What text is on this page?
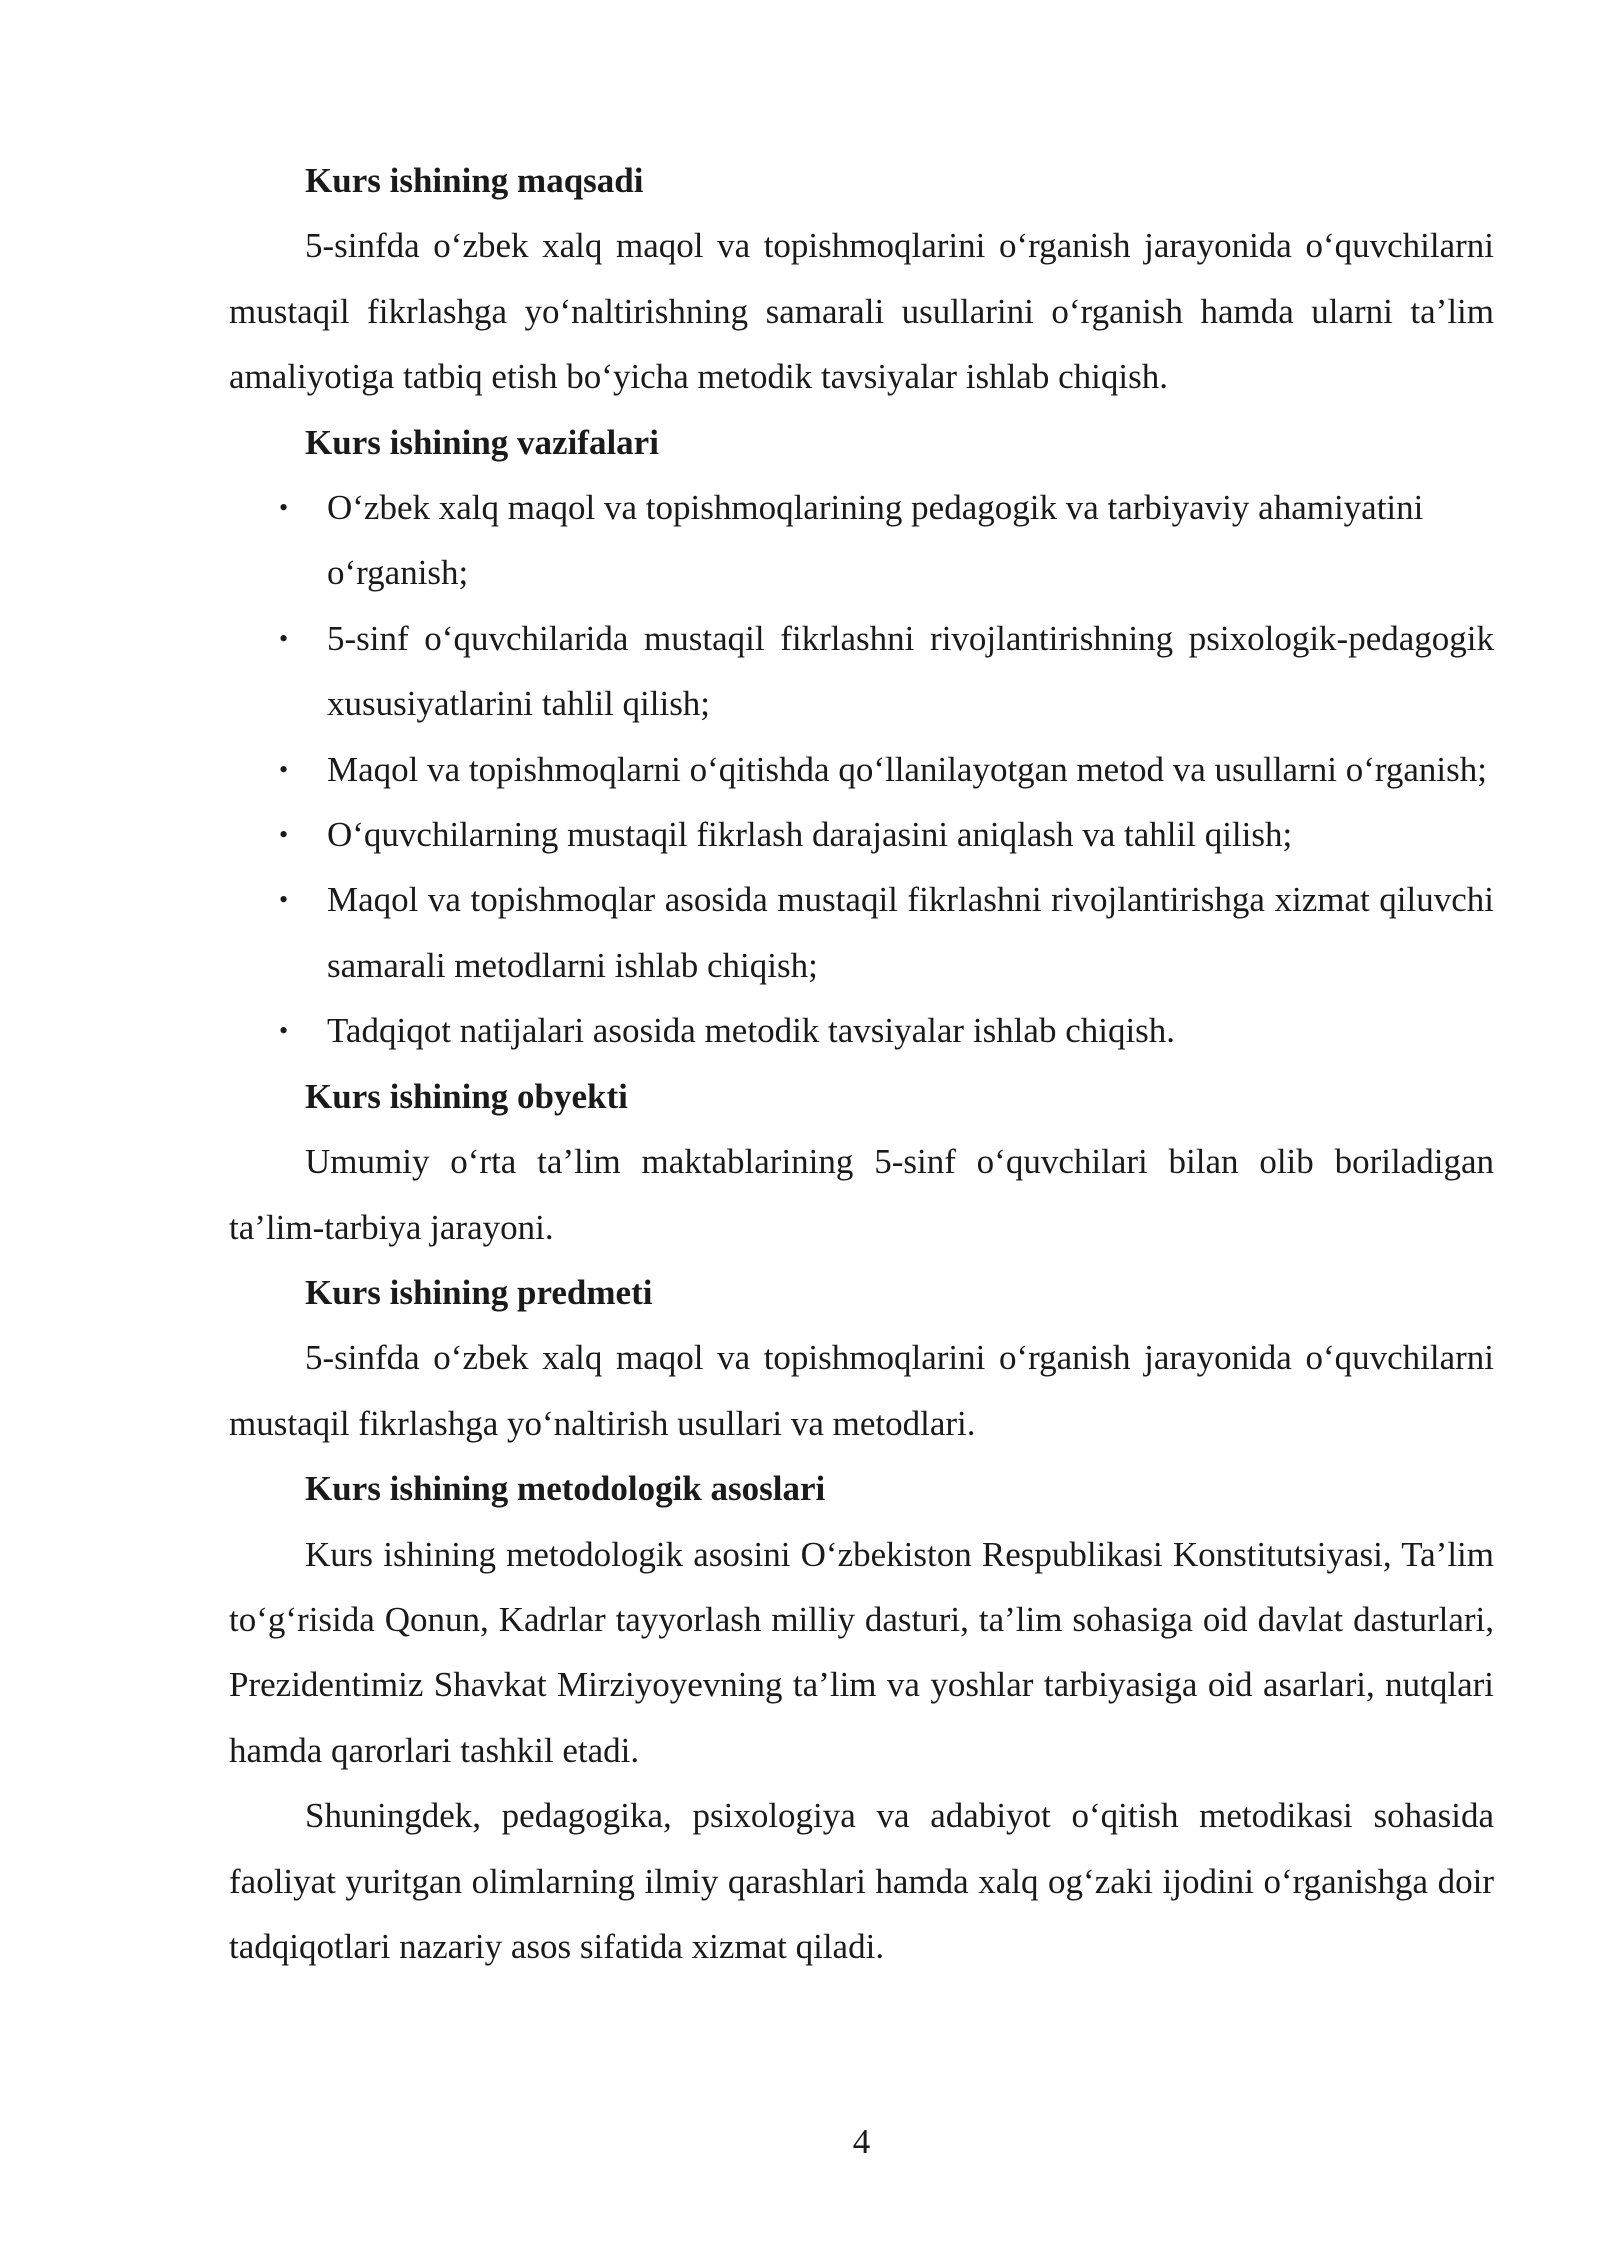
Kurs ishining maqsadi

5-sinfda o‘zbek xalq maqol va topishmoqlarini o‘rganish jarayonida o‘quvchilarni mustaqil fikrlashga yo‘naltirishning samarali usullarini o‘rganish hamda ularni ta’lim amaliyotiga tatbiq etish bo‘yicha metodik tavsiyalar ishlab chiqish.

Kurs ishining vazifalari

• O‘zbek xalq maqol va topishmoqlarining pedagogik va tarbiyaviy ahamiyatini o‘rganish;
• 5-sinf o‘quvchilarida mustaqil fikrlashni rivojlantirishning psixologik-pedagogik xususiyatlarini tahlil qilish;
• Maqol va topishmoqlarni o‘qitishda qo‘llanilayotgan metod va usullarni o‘rganish;
• O‘quvchilarning mustaqil fikrlash darajasini aniqlash va tahlil qilish;
• Maqol va topishmoqlar asosida mustaqil fikrlashni rivojlantirishga xizmat qiluvchi samarali metodlarni ishlab chiqish;
• Tadqiqot natijalari asosida metodik tavsiyalar ishlab chiqish.

Kurs ishining obyekti

Umumiy o‘rta ta’lim maktablarining 5-sinf o‘quvchilari bilan olib boriladigan ta’lim-tarbiya jarayoni.

Kurs ishining predmeti

5-sinfda o‘zbek xalq maqol va topishmoqlarini o‘rganish jarayonida o‘quvchilarni mustaqil fikrlashga yo‘naltirish usullari va metodlari.

Kurs ishining metodologik asoslari

Kurs ishining metodologik asosini O‘zbekiston Respublikasi Konstitutsiyasi, Ta’lim to‘g‘risida Qonun, Kadrlar tayyorlash milliy dasturi, ta’lim sohasiga oid davlat dasturlari, Prezidentimiz Shavkat Mirziyoyevning ta’lim va yoshlar tarbiyasiga oid asarlari, nutqlari hamda qarorlari tashkil etadi.

Shuningdek, pedagogika, psixologiya va adabiyot o‘qitish metodikasi sohasida faoliyat yuritgan olimlarning ilmiy qarashlari hamda xalq og‘zaki ijodini o‘rganishga doir tadqiqotlari nazariy asos sifatida xizmat qiladi.

4
